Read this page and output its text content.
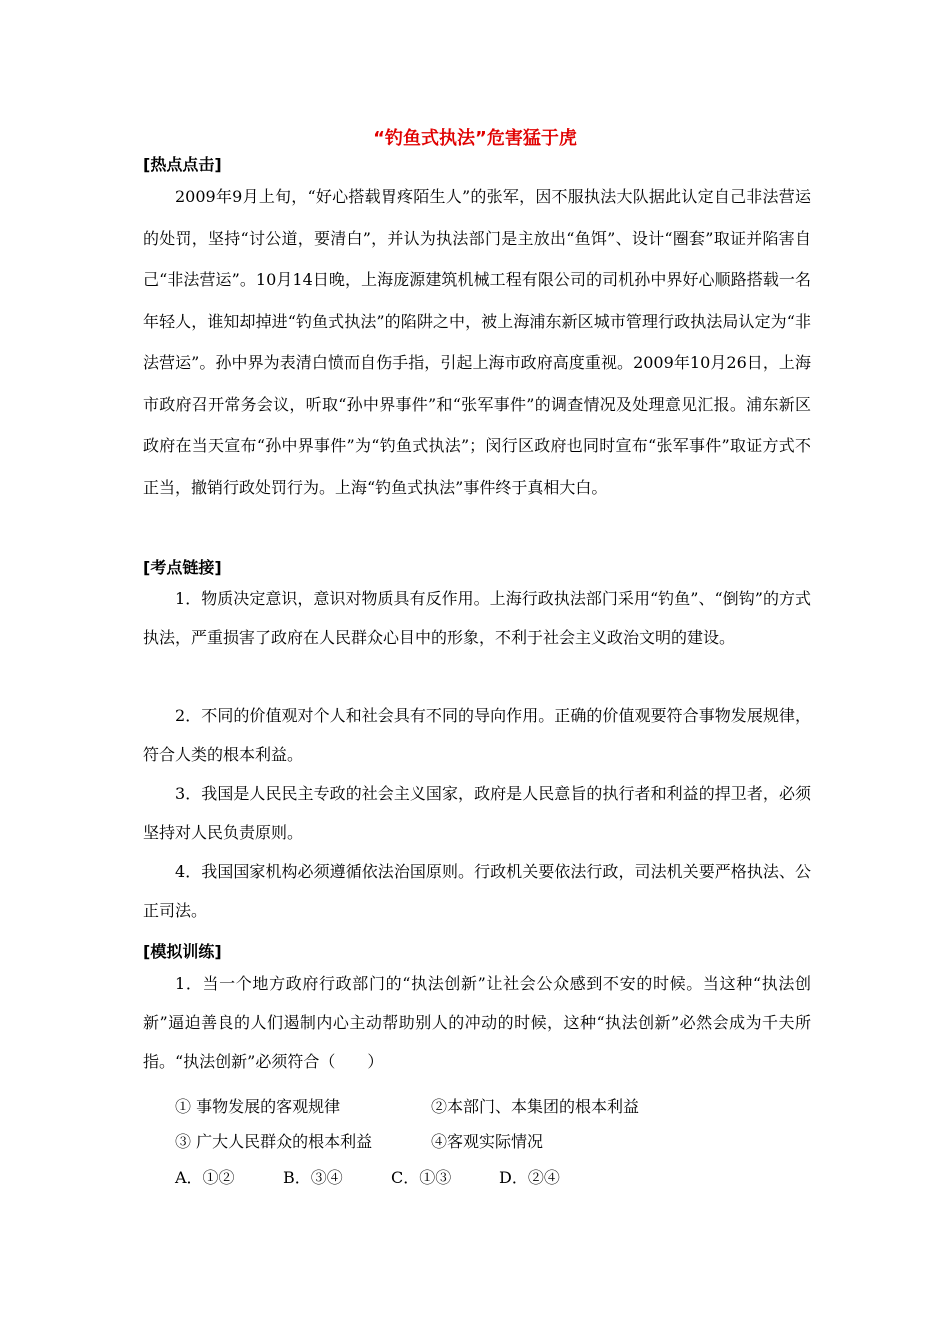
“钓鱼式执法”危害猛于虎
[热点点击]
2009年9月上旬，“好心搭载胃疼陌生人”的张军，因不服执法大队据此认定自己非法营运的处罚，坚持“讨公道，要清白”，并认为执法部门是主放出“鱼饵”、设计“圈套”取证并陷害自己“非法营运”。10月14日晚，上海庞源建筑机械工程有限公司的司机孙中界好心顺路搭载一名年轻人，谁知却掉进“钓鱼式执法”的陷阱之中，被上海浦东新区城市管理行政执法局认定为“非法营运”。孙中界为表清白愤而自伤手指，引起上海市政府高度重视。2009年10月26日，上海市政府召开常务会议，听取“孙中界事件”和“张军事件”的调查情况及处理意见汇报。浦东新区政府在当天宣布“孙中界事件”为“钓鱼式执法”；闵行区政府也同时宣布“张军事件”取证方式不正当，撤销行政处罚行为。上海“钓鱼式执法”事件终于真相大白。
[考点链接]
1．物质决定意识，意识对物质具有反作用。上海行政执法部门采用“钓鱼”、“倒钩”的方式执法，严重损害了政府在人民群众心目中的形象，不利于社会主义政治文明的建设。
2．不同的价值观对个人和社会具有不同的导向作用。正确的价值观要符合事物发展规律，符合人类的根本利益。
3．我国是人民民主专政的社会主义国家，政府是人民意旨的执行者和利益的捍卫者，必须坚持对人民负责原则。
4．我国国家机构必须遵循依法治国原则。行政机关要依法行政，司法机关要严格执法、公正司法。
[模拟训练]
1．当一个地方政府行政部门的“执法创新”让社会公众感到不安的时候。当这种“执法创新”逼迫善良的人们遏制内心主动帮助别人的冲动的时候，这种“执法创新”必然会成为千夫所指。“执法创新”必须符合（　　）
① 事物发展的客观规律	②本部门、本集团的根本利益
③ 广大人民群众的根本利益	④客观实际情况
A．①②	B．③④	C．①③	D．②④
